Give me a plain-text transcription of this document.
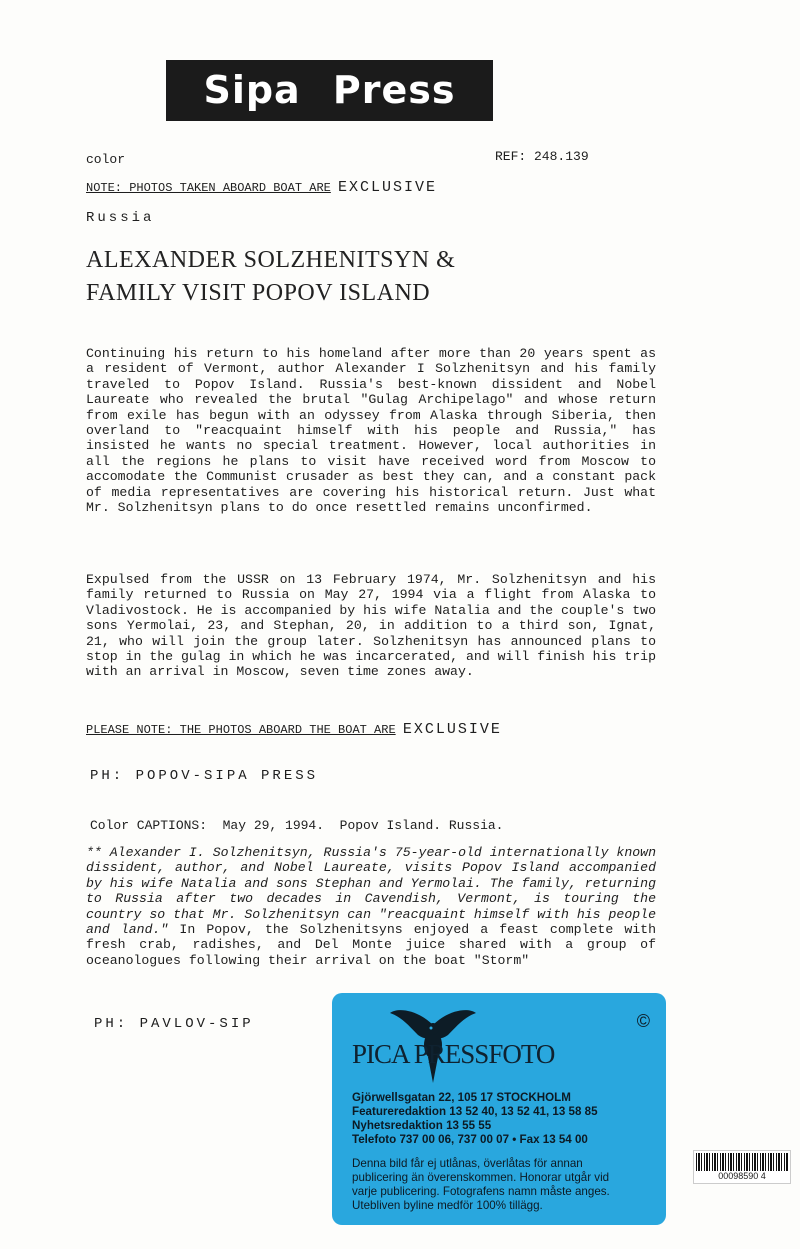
Sipa Press
color	REF: 248.139
NOTE: PHOTOS TAKEN ABOARD BOAT ARE EXCLUSIVE
Russia
ALEXANDER SOLZHENITSYN &
FAMILY VISIT POPOV ISLAND
Continuing his return to his homeland after more than 20 years spent as a resident of Vermont, author Alexander I Solzhenitsyn and his family traveled to Popov Island. Russia's best-known dissident and Nobel Laureate who revealed the brutal "Gulag Archipelago" and whose return from exile has begun with an odyssey from Alaska through Siberia, then overland to "reacquaint himself with his people and Russia," has insisted he wants no special treatment. However, local authorities in all the regions he plans to visit have received word from Moscow to accomodate the Communist crusader as best they can, and a constant pack of media representatives are covering his historical return. Just what Mr. Solzhenitsyn plans to do once resettled remains unconfirmed.
Expulsed from the USSR on 13 February 1974, Mr. Solzhenitsyn and his family returned to Russia on May 27, 1994 via a flight from Alaska to Vladivostock. He is accompanied by his wife Natalia and the couple's two sons Yermolai, 23, and Stephan, 20, in addition to a third son, Ignat, 21, who will join the group later. Solzhenitsyn has announced plans to stop in the gulag in which he was incarcerated, and will finish his trip with an arrival in Moscow, seven time zones away.
PLEASE NOTE: THE PHOTOS ABOARD THE BOAT ARE EXCLUSIVE
PH: POPOV-SIPA PRESS
Color CAPTIONS:  May 29, 1994.  Popov Island. Russia.
** Alexander I. Solzhenitsyn, Russia's 75-year-old internationally known dissident, author, and Nobel Laureate, visits Popov Island accompanied by his wife Natalia and sons Stephan and Yermolai. The family, returning to Russia after two decades in Cavendish, Vermont, is touring the country so that Mr. Solzhenitsyn can "reacquaint himself with his people and land." In Popov, the Solzhenitsyns enjoyed a feast complete with fresh crab, radishes, and Del Monte juice shared with a group of oceanologues following their arrival on the boat "Storm"
PH: PAVLOV-SIP
PICA PRESSFOTO
©
Gjörwellsgatan 22, 105 17 STOCKHOLM
Featureredaktion 13 52 40, 13 52 41, 13 58 85
Nyhetsredaktion 13 55 55
Telefoto 737 00 06, 737 00 07 • Fax 13 54 00
Denna bild får ej utlånas, överlåtas för annan
publicering än överenskommen. Honorar utgår vid
varje publicering. Fotografens namn måste anges.
Utebliven byline medför 100% tillägg.
00098590 4
